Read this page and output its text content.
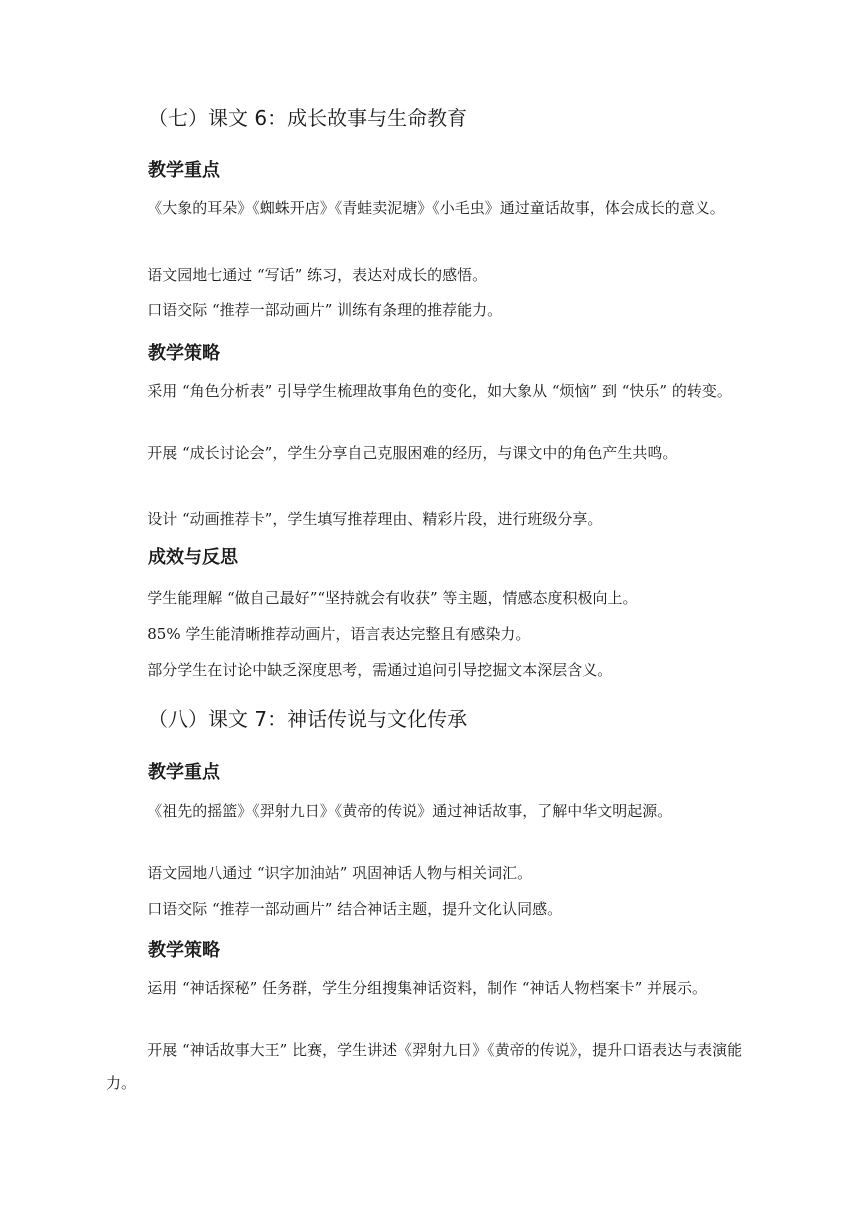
（七）课文 6：成长故事与生命教育
教学重点

《大象的耳朵》《蜘蛛开店》《青蛙卖泥塘》《小毛虫》通过童话故事，体会成长的意义。

语文园地七通过 “写话” 练习，表达对成长的感悟。

口语交际 “推荐一部动画片” 训练有条理的推荐能力。

教学策略

采用 “角色分析表” 引导学生梳理故事角色的变化，如大象从 “烦恼” 到 “快乐” 的转变。

开展 “成长讨论会”，学生分享自己克服困难的经历，与课文中的角色产生共鸣。

设计 “动画推荐卡”，学生填写推荐理由、精彩片段，进行班级分享。

成效与反思

学生能理解 “做自己最好”“坚持就会有收获” 等主题，情感态度积极向上。

85% 学生能清晰推荐动画片，语言表达完整且有感染力。

部分学生在讨论中缺乏深度思考，需通过追问引导挖掘文本深层含义。

（八）课文 7：神话传说与文化传承
教学重点

《祖先的摇篮》《羿射九日》《黄帝的传说》通过神话故事，了解中华文明起源。

语文园地八通过 “识字加油站” 巩固神话人物与相关词汇。

口语交际 “推荐一部动画片” 结合神话主题，提升文化认同感。

教学策略

运用 “神话探秘” 任务群，学生分组搜集神话资料，制作 “神话人物档案卡” 并展示。

开展 “神话故事大王” 比赛，学生讲述《羿射九日》《黄帝的传说》，提升口语表达与表演能力。
